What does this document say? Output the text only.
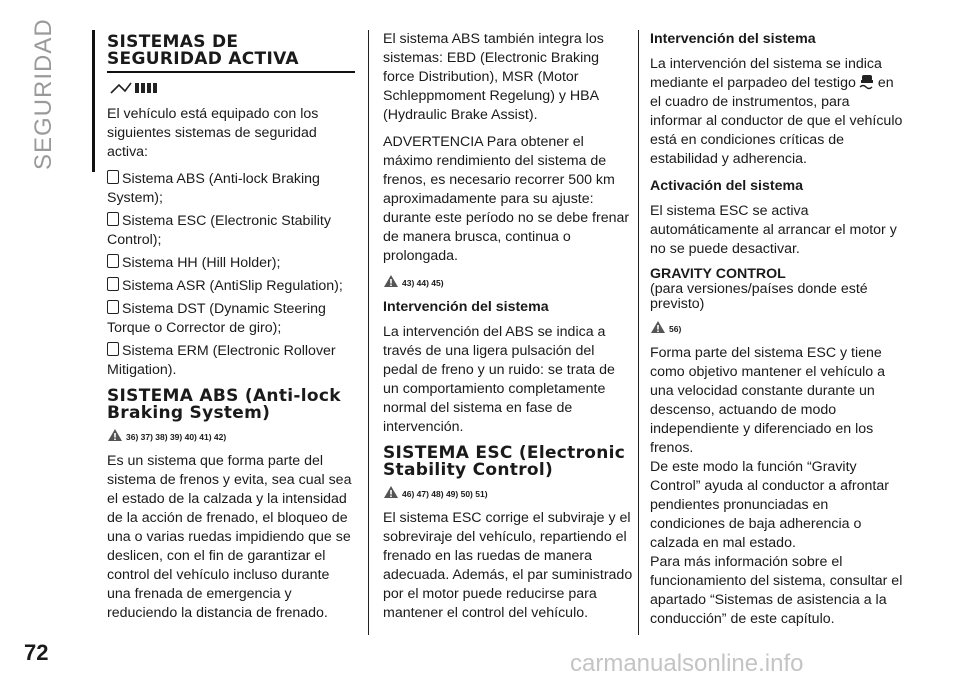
SEGURIDAD	SISTEMAS DE SEGURIDAD ACTIVA

El vehículo está equipado con los siguientes sistemas de seguridad activa:

Sistema ABS (Anti-lock Braking System);

Sistema ESC (Electronic Stability Control);

Sistema HH (Hill Holder);

Sistema ASR (AntiSlip Regulation);

Sistema DST (Dynamic Steering Torque o Corrector de giro);

Sistema ERM (Electronic Rollover Mitigation).

SISTEMA ABS (Anti-lock Braking System)
36) 37) 38) 39) 40) 41) 42)

Es un sistema que forma parte del sistema de frenos y evita, sea cual sea el estado de la calzada y la intensidad de la acción de frenado, el bloqueo de una o varias ruedas impidiendo que se deslicen, con el fin de garantizar el control del vehículo incluso durante una frenada de emergencia y reduciendo la distancia de frenado.

El sistema ABS también integra los sistemas: EBD (Electronic Braking force Distribution), MSR (Motor Schleppmoment Regelung) y HBA (Hydraulic Brake Assist).

ADVERTENCIA Para obtener el máximo rendimiento del sistema de frenos, es necesario recorrer 500 km aproximadamente para su ajuste: durante este período no se debe frenar de manera brusca, continua o prolongada.

43) 44) 45)
Intervención del sistema

La intervención del ABS se indica a través de una ligera pulsación del pedal de freno y un ruido: se trata de un comportamiento completamente normal del sistema en fase de intervención.

SISTEMA ESC (Electronic Stability Control)
46) 47) 48) 49) 50) 51)

El sistema ESC corrige el subviraje y el sobreviraje del vehículo, repartiendo el frenado en las ruedas de manera adecuada. Además, el par suministrado por el motor puede reducirse para mantener el control del vehículo.

Intervención del sistema

La intervención del sistema se indica mediante el parpadeo del testigo en el cuadro de instrumentos, para informar al conductor de que el vehículo está en condiciones críticas de estabilidad y adherencia.

Activación del sistema

El sistema ESC se activa automáticamente al arrancar el motor y no se puede desactivar.

GRAVITY CONTROL

(para versiones/países donde esté previsto)

56)

Forma parte del sistema ESC y tiene como objetivo mantener el vehículo a una velocidad constante durante un descenso, actuando de modo independiente y diferenciado en los frenos.

De este modo la función “Gravity Control” ayuda al conductor a afrontar pendientes pronunciadas en condiciones de baja adherencia o calzada en mal estado.

Para más información sobre el funcionamiento del sistema, consultar el apartado “Sistemas de asistencia a la conducción” de este capítulo.

72	carmanualsonline.info
